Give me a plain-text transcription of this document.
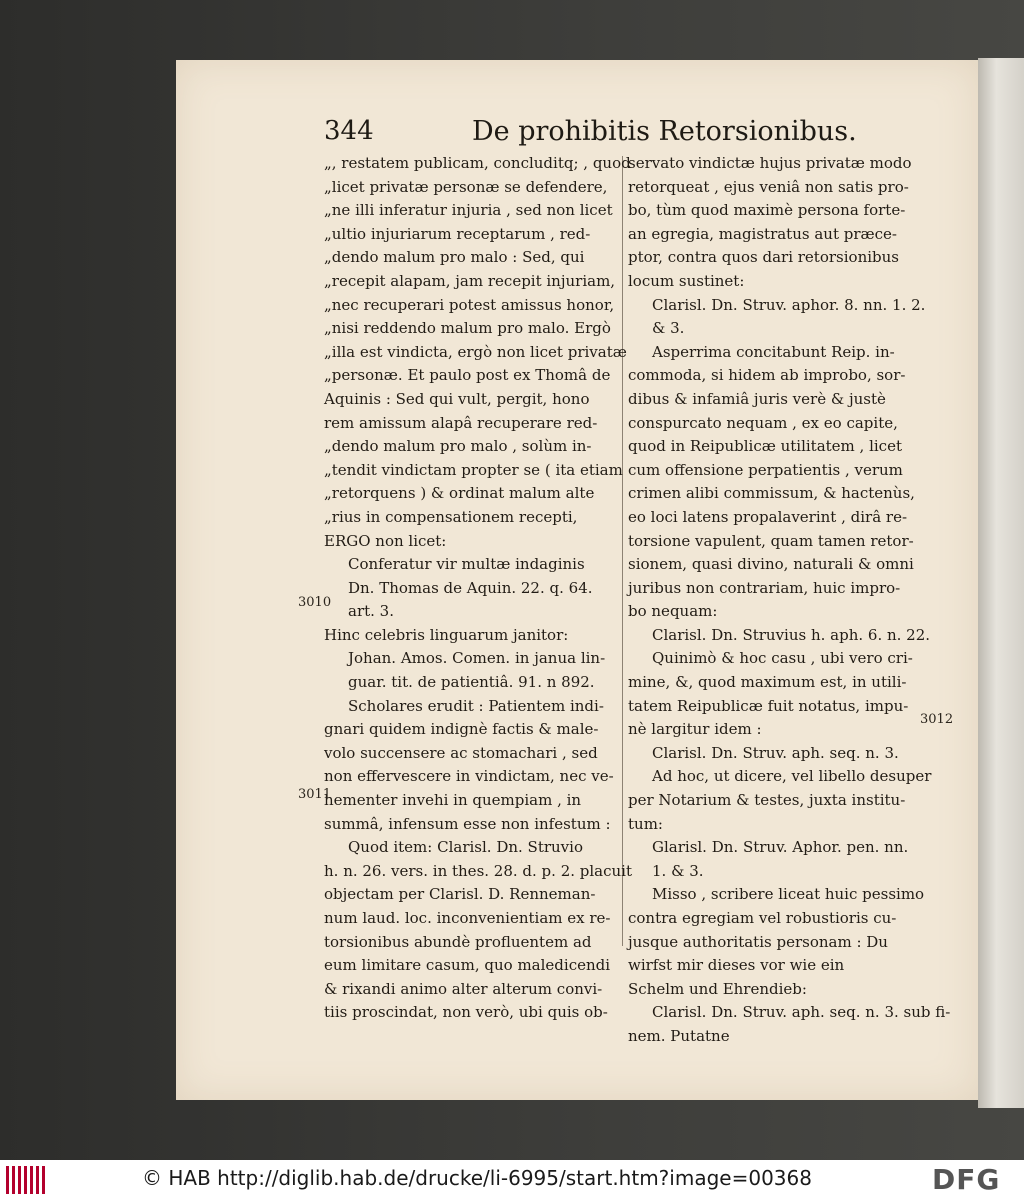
344	De prohibitis Retorsionibus.
„, restatem publicam, concluditq; , quod
„licet privatæ personæ se defendere,
„ne illi inferatur injuria , sed non licet
„ultio injuriarum receptarum , red-
„dendo malum pro malo : Sed, qui
„recepit alapam, jam recepit injuriam,
„nec recuperari potest amissus honor,
„nisi reddendo malum pro malo. Ergò
„illa est vindicta, ergò non licet privatæ
„personæ. Et paulo post ex Thomâ de
Aquinis : Sed qui vult, pergit, hono
rem amissum alapâ recuperare red-
„dendo malum pro malo , solùm in-
„tendit vindictam propter se ( ita etiam
„retorquens ) & ordinat malum alte
„rius in compensationem recepti,
ERGO non licet:
Conferatur vir multæ indaginis
Dn. Thomas de Aquin. 22. q. 64.
art. 3.
Hinc celebris linguarum janitor:
Johan. Amos. Comen. in janua lin-
guar. tit. de patientiâ. 91. n 892.
Scholares erudit : Patientem indi-
gnari quidem indignè factis & male-
volo succensere ac stomachari , sed
non effervescere in vindictam, nec ve-
hementer invehi in quempiam , in
summâ, infensum esse non infestum :
Quod item: Clarisl. Dn. Struvio
h. n. 26. vers. in thes. 28. d. p. 2. placuit
objectam per Clarisl. D. Renneman-
num laud. loc. inconvenientiam ex re-
torsionibus abundè profluentem ad
eum limitare casum, quo maledicendi
& rixandi animo alter alterum convi-
tiis proscindat, non verò, ubi quis ob-
servato vindictæ hujus privatæ modo
retorqueat , ejus veniâ non satis pro-
bo, tùm quod maximè persona forte-
an egregia, magistratus aut præce-
ptor, contra quos dari retorsionibus
locum sustinet:
Clarisl. Dn. Struv. aphor. 8. nn. 1. 2.
& 3.
Asperrima concitabunt Reip. in-
commoda, si hidem ab improbo, sor-
dibus & infamiâ juris verè & justè
conspurcato nequam , ex eo capite,
quod in Reipublicæ utilitatem , licet
cum offensione perpatientis , verum
crimen alibi commissum, & hactenùs,
eo loci latens propalaverint , dirâ re-
torsione vapulent, quam tamen retor-
sionem, quasi divino, naturali & omni
juribus non contrariam, huic impro-
bo nequam:
Clarisl. Dn. Struvius h. aph. 6. n. 22.
Quinimò & hoc casu , ubi vero cri-
mine, &, quod maximum est, in utili-
tatem Reipublicæ fuit notatus, impu-
nè largitur idem :
Clarisl. Dn. Struv. aph. seq. n. 3.
Ad hoc, ut dicere, vel libello desuper
per Notarium & testes, juxta institu-
tum:
Glarisl. Dn. Struv. Aphor. pen. nn.
1. & 3.
Misso , scribere liceat huic pessimo
contra egregiam vel robustioris cu-
jusque authoritatis personam : Du
wirfst mir dieses vor wie ein
Schelm und Ehrendieb:
Clarisl. Dn. Struv. aph. seq. n. 3. sub fi-
nem. Putatne
3010
3011
3012
© HAB http://diglib.hab.de/drucke/li-6995/start.htm?image=00368	DFG
